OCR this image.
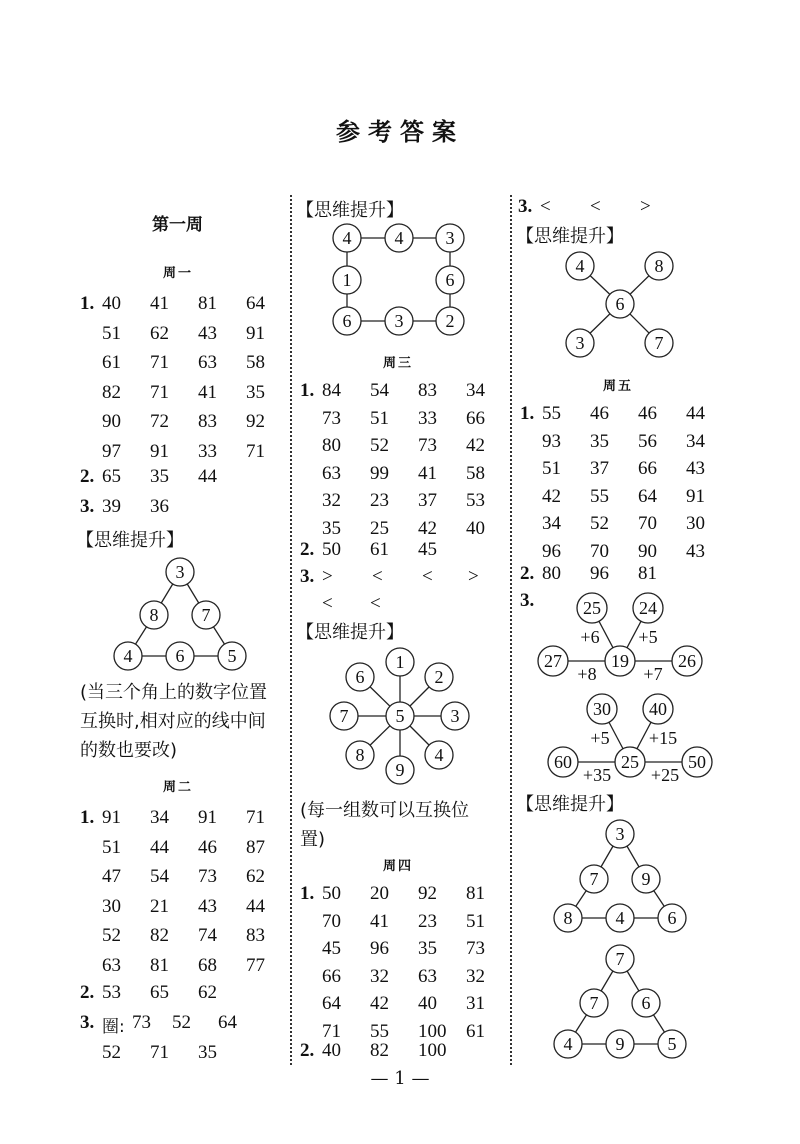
参考答案
第一周
周一
1. 40 41 81 64
51 62 43 91
61 71 63 58
82 71 41 35
90 72 83 92
97 91 33 71
2. 65 35 44
3. 39 36
【思维提升】
3
8 7
4 6 5
(当三个角上的数字位置互换时,相对应的线中间的数也要改)
周二
1. 91 34 91 71
51 44 46 87
47 54 73 62
30 21 43 44
52 82 74 83
63 81 68 77
2. 53 65 62
3. 圈: 73 52 64
52 71 35
【思维提升】
4 4 3
1	6
6 3 2
周三
1. 84 54 83 34
73 51 33 66
80 52 73 42
63 99 41 58
32 23 37 53
35 25 42 40
2. 50 61 45
3. > < < >
< <
【思维提升】
5
1
2
3
4
9
8
7
6
(每一组数可以互换位置)
周四
1. 50 20 92 81
70 41 23 51
45 96 35 73
66 32 63 32
64 42 40 31
71 55 100 61
2. 40 82 100
3. < < >
【思维提升】
6
4	8
3	7
周五
1. 55 46 46 44
93 35 56 34
51 37 66 43
42 55 64 91
34 52 70 30
96 70 90 43
2. 80 96 81
3.
19
25 24
27	26
+6 +5
+8	+7
25
30 40
60	50
+5 +15
+35 +25
【思维提升】
3
7 9
8 4 6
7
7 6
4 9 5
— 1 —
